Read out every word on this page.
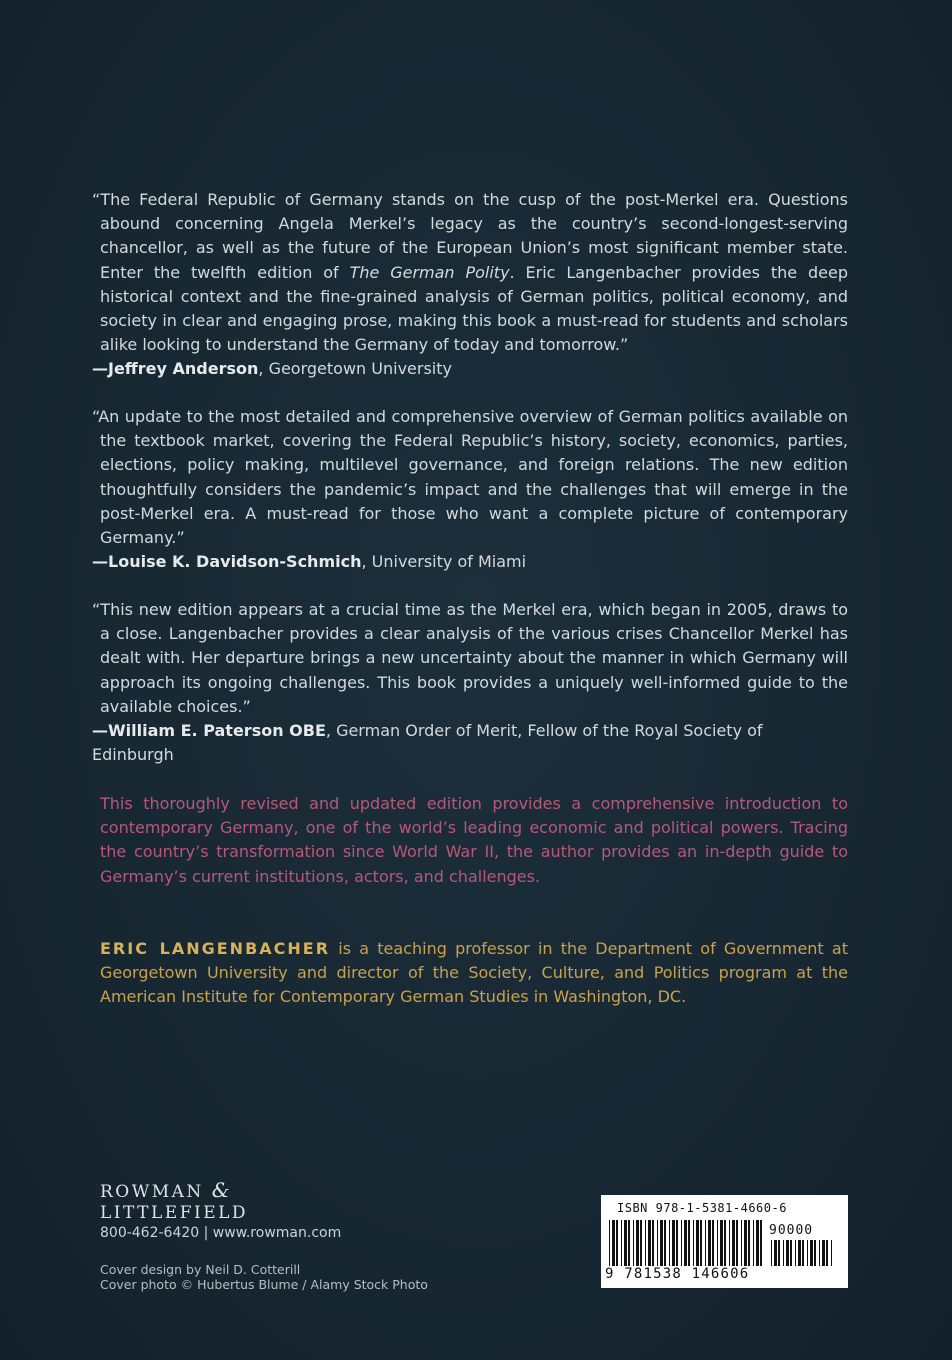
“The Federal Republic of Germany stands on the cusp of the post-Merkel era. Questions abound concerning Angela Merkel’s legacy as the country’s second-longest-serving chancellor, as well as the future of the European Union’s most significant member state. Enter the twelfth edition of The German Polity. Eric Langenbacher provides the deep historical context and the fine-grained analysis of German politics, political economy, and society in clear and engaging prose, making this book a must-read for students and scholars alike looking to understand the Germany of today and tomorrow.”

—Jeffrey Anderson, Georgetown University

“An update to the most detailed and comprehensive overview of German politics available on the textbook market, covering the Federal Republic’s history, society, economics, parties, elections, policy making, multilevel governance, and foreign relations. The new edition thoughtfully considers the pandemic’s impact and the challenges that will emerge in the post-Merkel era. A must-read for those who want a complete picture of contemporary Germany.”

—Louise K. Davidson-Schmich, University of Miami

“This new edition appears at a crucial time as the Merkel era, which began in 2005, draws to a close. Langenbacher provides a clear analysis of the various crises Chancellor Merkel has dealt with. Her departure brings a new uncertainty about the manner in which Germany will approach its ongoing challenges. This book provides a uniquely well-informed guide to the available choices.”

—William E. Paterson OBE, German Order of Merit, Fellow of the Royal Society of Edinburgh

This thoroughly revised and updated edition provides a comprehensive introduction to contemporary Germany, one of the world’s leading economic and political powers. Tracing the country’s transformation since World War II, the author provides an in-depth guide to Germany’s current institutions, actors, and challenges.

ERIC LANGENBACHER is a teaching professor in the Department of Government at Georgetown University and director of the Society, Culture, and Politics program at the American Institute for Contemporary German Studies in Washington, DC.

ROWMAN &
LITTLEFIELD
800-462-6420 | www.rowman.com
Cover design by Neil D. Cotterill
Cover photo © Hubertus Blume / Alamy Stock Photo
ISBN 978-1-5381-4660-6
90000
9 781538 146606
